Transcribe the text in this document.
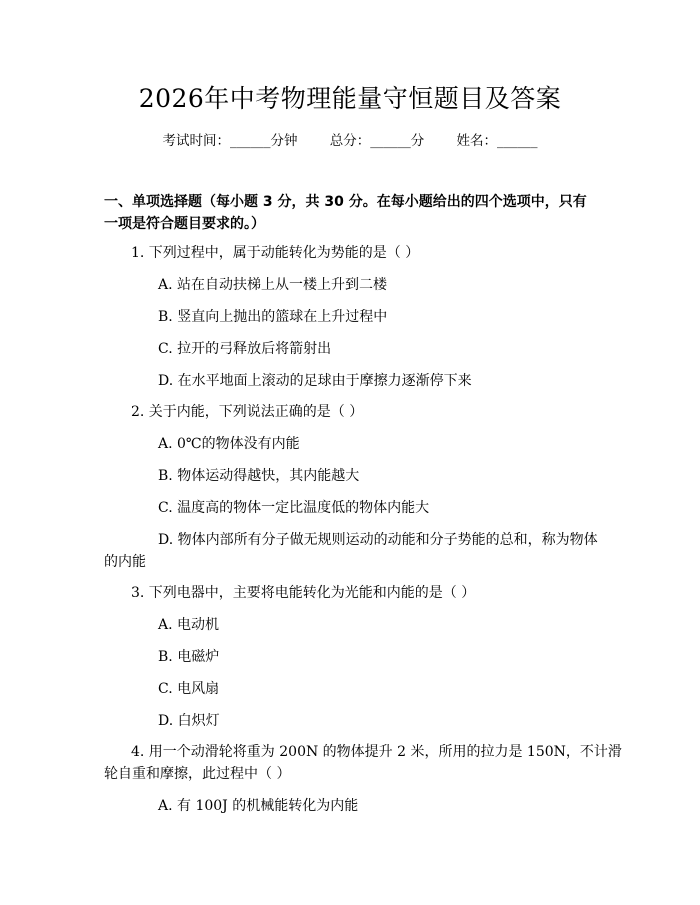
2026年中考物理能量守恒题目及答案
考试时间：______分钟 总分：______分 姓名：______
一、单项选择题（每小题 3 分，共 30 分。在每小题给出的四个选项中，只有一项是符合题目要求的。）
1. 下列过程中，属于动能转化为势能的是（ ）
A. 站在自动扶梯上从一楼上升到二楼
B. 竖直向上抛出的篮球在上升过程中
C. 拉开的弓释放后将箭射出
D. 在水平地面上滚动的足球由于摩擦力逐渐停下来
2. 关于内能，下列说法正确的是（ ）
A. 0℃的物体没有内能
B. 物体运动得越快，其内能越大
C. 温度高的物体一定比温度低的物体内能大
D. 物体内部所有分子做无规则运动的动能和分子势能的总和，称为物体
的内能
3. 下列电器中，主要将电能转化为光能和内能的是（ ）
A. 电动机
B. 电磁炉
C. 电风扇
D. 白炽灯
4. 用一个动滑轮将重为 200N 的物体提升 2 米，所用的拉力是 150N，不计滑
轮自重和摩擦，此过程中（ ）
A. 有 100J 的机械能转化为内能
